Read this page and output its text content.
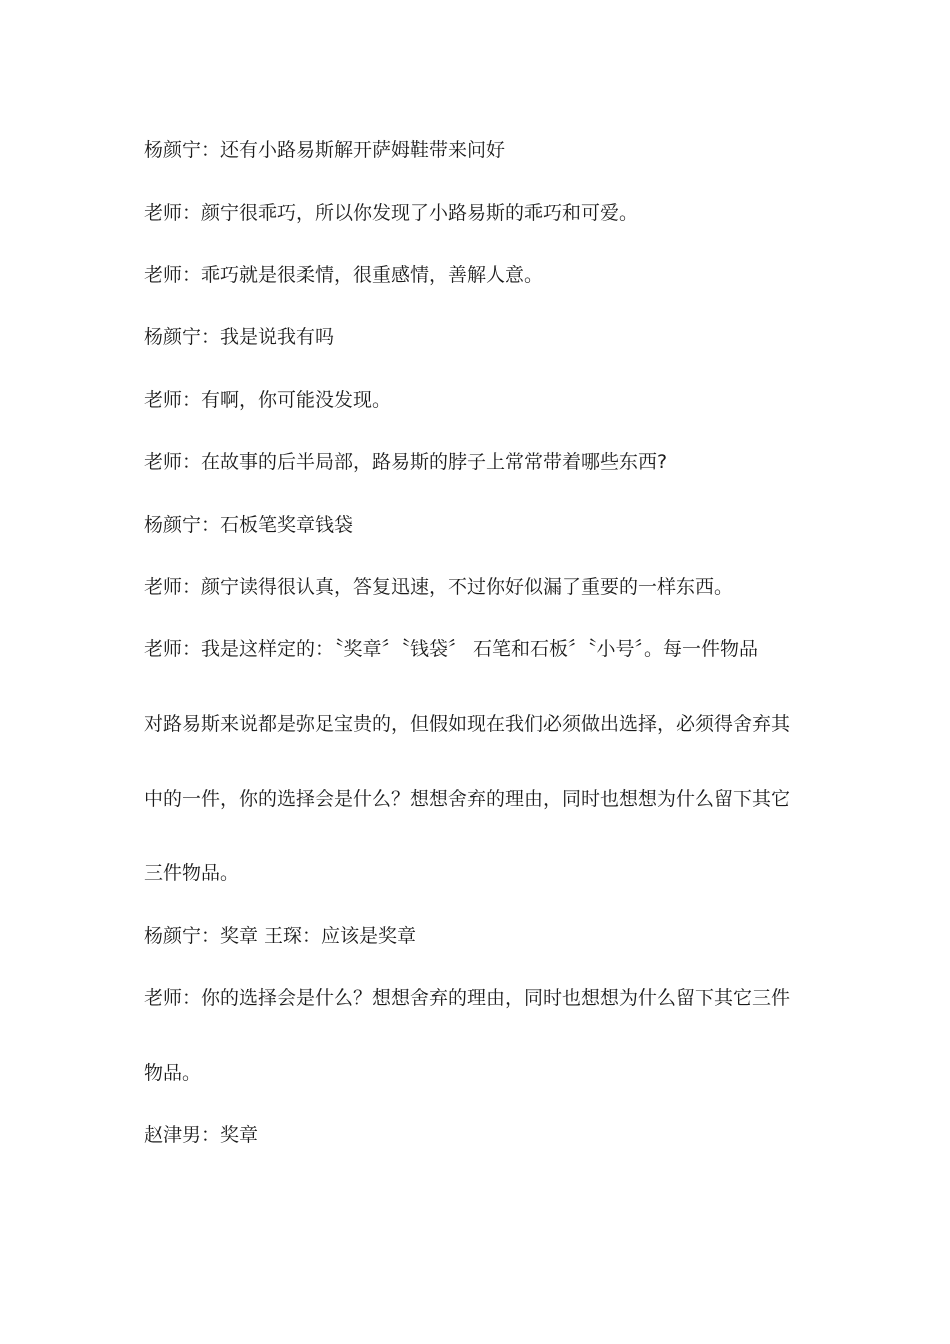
杨颜宁：还有小路易斯解开萨姆鞋带来问好
老师：颜宁很乖巧，所以你发现了小路易斯的乖巧和可爱。
老师：乖巧就是很柔情，很重感情，善解人意。
杨颜宁：我是说我有吗
老师：有啊，你可能没发现。
老师：在故事的后半局部，路易斯的脖子上常常带着哪些东西?
杨颜宁：石板笔奖章钱袋
老师：颜宁读得很认真，答复迅速，不过你好似漏了重要的一样东西。
老师：我是这样定的：〝奖章〞〝钱袋〞 石笔和石板〞〝小号〞。每一件物品
对路易斯来说都是弥足宝贵的，但假如现在我们必须做出选择，必须得舍弃其
中的一件，你的选择会是什么？想想舍弃的理由，同时也想想为什么留下其它
三件物品。
杨颜宁：奖章 王琛：应该是奖章
老师：你的选择会是什么？想想舍弃的理由，同时也想想为什么留下其它三件
物品。
赵津男：奖章
